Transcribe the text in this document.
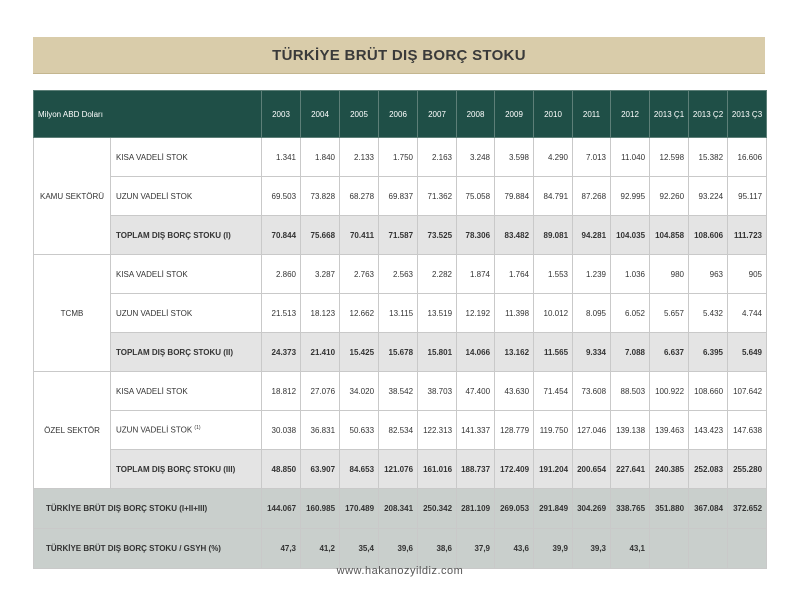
TÜRKİYE BRÜT DIŞ BORÇ STOKU
Milyon ABD Doları		2003	2004	2005	2006	2007	2008	2009	2010	2011	2012	2013 Ç1	2013 Ç2	2013 Ç3
KAMU SEKTÖRÜ	KISA VADELİ STOK	1.341	1.840	2.133	1.750	2.163	3.248	3.598	4.290	7.013	11.040	12.598	15.382	16.606
	UZUN VADELİ STOK	69.503	73.828	68.278	69.837	71.362	75.058	79.884	84.791	87.268	92.995	92.260	93.224	95.117
	TOPLAM DIŞ BORÇ STOKU (I)	70.844	75.668	70.411	71.587	73.525	78.306	83.482	89.081	94.281	104.035	104.858	108.606	111.723
TCMB	KISA VADELİ STOK	2.860	3.287	2.763	2.563	2.282	1.874	1.764	1.553	1.239	1.036	980	963	905
	UZUN VADELİ STOK	21.513	18.123	12.662	13.115	13.519	12.192	11.398	10.012	8.095	6.052	5.657	5.432	4.744
	TOPLAM DIŞ BORÇ STOKU (II)	24.373	21.410	15.425	15.678	15.801	14.066	13.162	11.565	9.334	7.088	6.637	6.395	5.649
ÖZEL SEKTÖR	KISA VADELİ STOK	18.812	27.076	34.020	38.542	38.703	47.400	43.630	71.454	73.608	88.503	100.922	108.660	107.642
	UZUN VADELİ STOK $^{(1)}$	30.038	36.831	50.633	82.534	122.313	141.337	128.779	119.750	127.046	139.138	139.463	143.423	147.638
	TOPLAM DIŞ BORÇ STOKU (III)	48.850	63.907	84.653	121.076	161.016	188.737	172.409	191.204	200.654	227.641	240.385	252.083	255.280
TÜRKİYE BRÜT DIŞ BORÇ STOKU (I+II+III)		144.067	160.985	170.489	208.341	250.342	281.109	269.053	291.849	304.269	338.765	351.880	367.084	372.652
TÜRKİYE BRÜT DIŞ BORÇ STOKU / GSYH (%)		47,3	41,2	35,4	39,6	38,6	37,9	43,6	39,9	39,3	43,1			
www.hakanozyildiz.com
